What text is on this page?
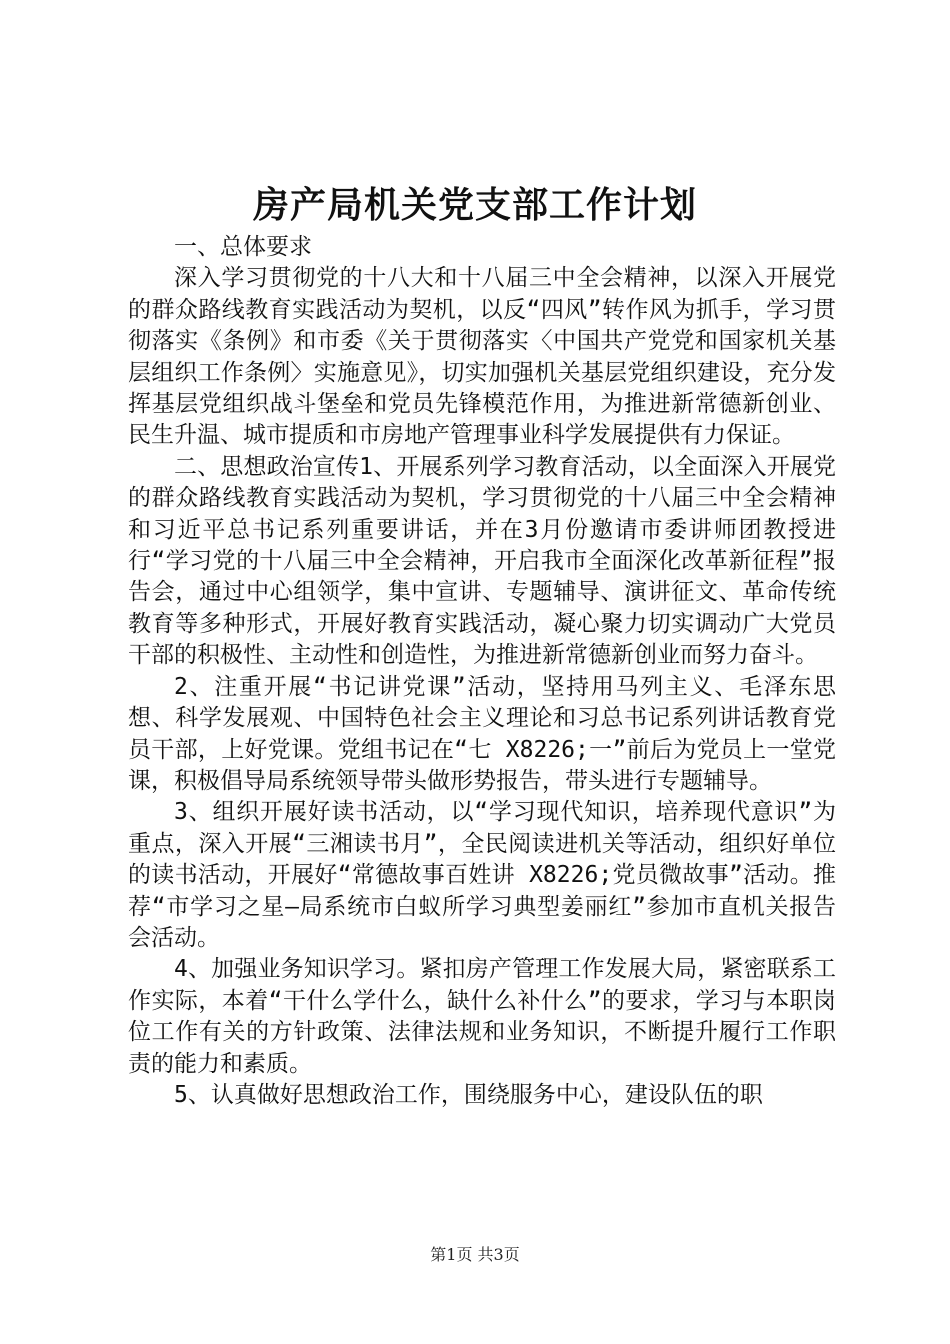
房产局机关党支部工作计划

一、总体要求

深入学习贯彻党的十八大和十八届三中全会精神，以深入开展党的群众路线教育实践活动为契机，以反“四风”转作风为抓手，学习贯彻落实《条例》和市委《关于贯彻落实〈中国共产党党和国家机关基层组织工作条例〉实施意见》，切实加强机关基层党组织建设，充分发挥基层党组织战斗堡垒和党员先锋模范作用，为推进新常德新创业、民生升温、城市提质和市房地产管理事业科学发展提供有力保证。

二、思想政治宣传1、开展系列学习教育活动，以全面深入开展党的群众路线教育实践活动为契机，学习贯彻党的十八届三中全会精神和习近平总书记系列重要讲话，并在3月份邀请市委讲师团教授进行“学习党的十八届三中全会精神，开启我市全面深化改革新征程”报告会，通过中心组领学，集中宣讲、专题辅导、演讲征文、革命传统教育等多种形式，开展好教育实践活动，凝心聚力切实调动广大党员干部的积极性、主动性和创造性，为推进新常德新创业而努力奋斗。

2、注重开展“书记讲党课”活动，坚持用马列主义、毛泽东思想、科学发展观、中国特色社会主义理论和习总书记系列讲话教育党员干部，上好党课。党组书记在“七 X8226;一”前后为党员上一堂党课，积极倡导局系统领导带头做形势报告，带头进行专题辅导。

3、组织开展好读书活动，以“学习现代知识，培养现代意识”为重点，深入开展“三湘读书月”，全民阅读进机关等活动，组织好单位的读书活动，开展好“常德故事百姓讲 X8226;党员微故事”活动。推荐“市学习之星—局系统市白蚁所学习典型姜丽红”参加市直机关报告会活动。

4、加强业务知识学习。紧扣房产管理工作发展大局，紧密联系工作实际，本着“干什么学什么，缺什么补什么”的要求，学习与本职岗位工作有关的方针政策、法律法规和业务知识，不断提升履行工作职责的能力和素质。

5、认真做好思想政治工作，围绕服务中心，建设队伍的职

第1页 共3页
